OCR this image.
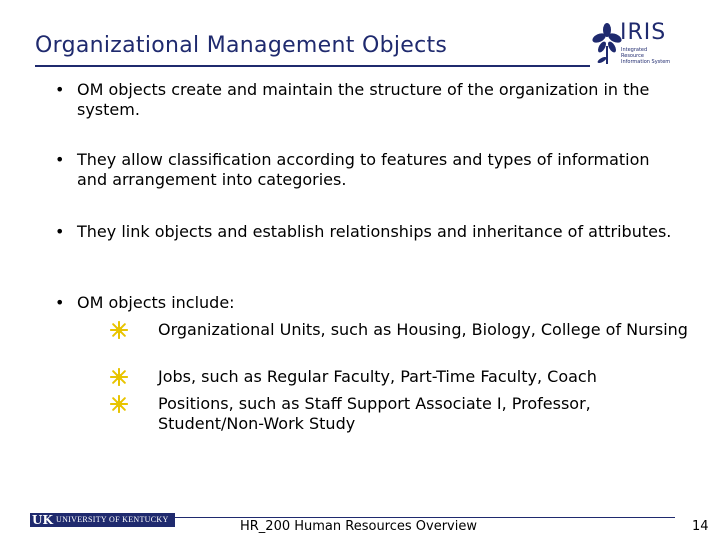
Organizational Management Objects
IRIS
Integrated Resource Information System
• OM objects create and maintain the structure of the organization in the system.
• They allow classification according to features and types of information and arrangement into categories.
• They link objects and establish relationships and inheritance of attributes.
• OM objects include:
Organizational Units, such as Housing, Biology, College of Nursing
Jobs, such as Regular Faculty, Part-Time Faculty, Coach
Positions, such as Staff Support Associate I, Professor, Student/Non-Work Study
UK UNIVERSITY OF KENTUCKY	HR_200 Human Resources Overview	14
